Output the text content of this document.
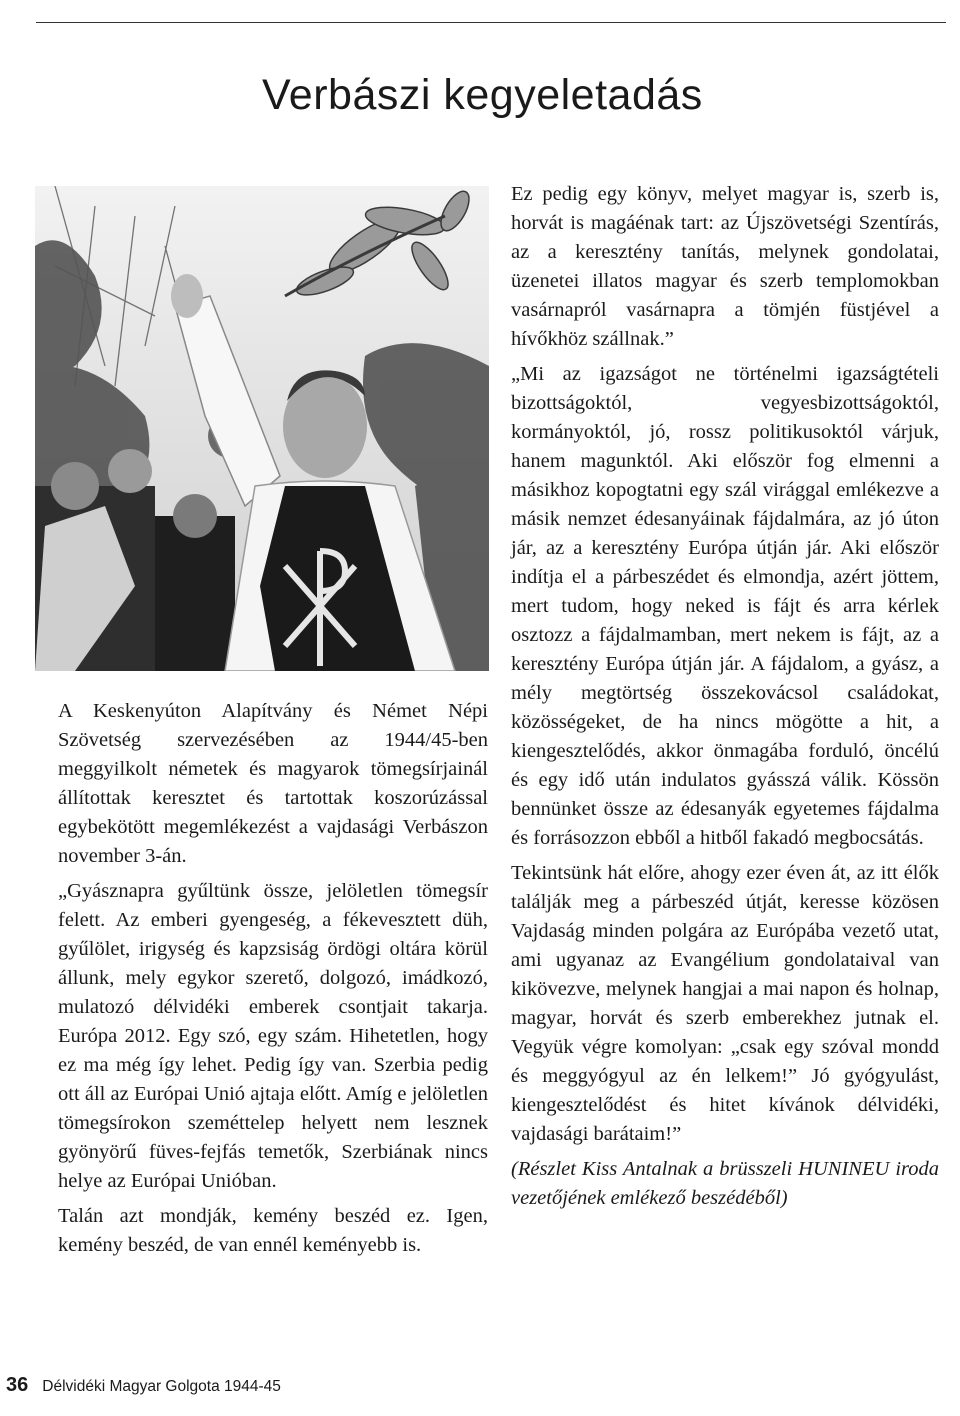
Verbászi kegyeletadás

A Keskenyúton Alapítvány és Német Népi Szövetség szervezésében az 1944/45-ben meggyilkolt németek és magyarok tömegsírjainál állítottak keresztet és tartottak koszorúzással egybekötött megemlékezést a vajdasági Verbászon november 3-án.

„Gyásznapra gyűltünk össze, jelöletlen tömegsír felett. Az emberi gyengeség, a fékevesztett düh, gyűlölet, irigység és kapzsiság ördögi oltára körül állunk, mely egykor szerető, dolgozó, imádkozó, mulatozó délvidéki emberek csontjait takarja. Európa 2012. Egy szó, egy szám. Hihetetlen, hogy ez ma még így lehet. Pedig így van. Szerbia pedig ott áll az Európai Unió ajtaja előtt. Amíg e jelöletlen tömegsírokon szeméttelep helyett nem lesznek gyönyörű füves-fejfás temetők, Szerbiának nincs helye az Európai Unióban.

Talán azt mondják, kemény beszéd ez. Igen, kemény beszéd, de van ennél keményebb is.

Ez pedig egy könyv, melyet magyar is, szerb is, horvát is magáénak tart: az Újszövetségi Szentírás, az a keresztény tanítás, melynek gondolatai, üzenetei illatos magyar és szerb templomokban vasárnapról vasárnapra a tömjén füstjével a hívőkhöz szállnak.”

„Mi az igazságot ne történelmi igazságtételi bizottságoktól, vegyesbizottságoktól, kormányoktól, jó, rossz politikusoktól várjuk, hanem magunktól. Aki először fog elmenni a másikhoz kopogtatni egy szál virággal emlékezve a másik nemzet édesanyáinak fájdalmára, az jó úton jár, az a keresztény Európa útján jár. Aki először indítja el a párbeszédet és elmondja, azért jöttem, mert tudom, hogy neked is fájt és arra kérlek osztozz a fájdalmamban, mert nekem is fájt, az a keresztény Európa útján jár. A fájdalom, a gyász, a mély megtörtség összekovácsol családokat, közösségeket, de ha nincs mögötte a hit, a kiengesztelődés, akkor önmagába forduló, öncélú és egy idő után indulatos gyásszá válik. Kössön bennünket össze az édesanyák egyetemes fájdalma és forrásozzon ebből a hitből fakadó megbocsátás.

Tekintsünk hát előre, ahogy ezer éven át, az itt élők találják meg a párbeszéd útját, keresse közösen Vajdaság minden polgára az Európába vezető utat, ami ugyanaz az Evangélium gondolataival van kikövezve, melynek hangjai a mai napon és holnap, magyar, horvát és szerb emberekhez jutnak el. Vegyük végre komolyan: „csak egy szóval mondd és meggyógyul az én lelkem!” Jó gyógyulást, kiengesztelődést és hitet kívánok délvidéki, vajdasági barátaim!”

(Részlet Kiss Antalnak a brüsszeli HUNINEU iroda vezetőjének emlékező beszédéből)

36 Délvidéki Magyar Golgota 1944-45
